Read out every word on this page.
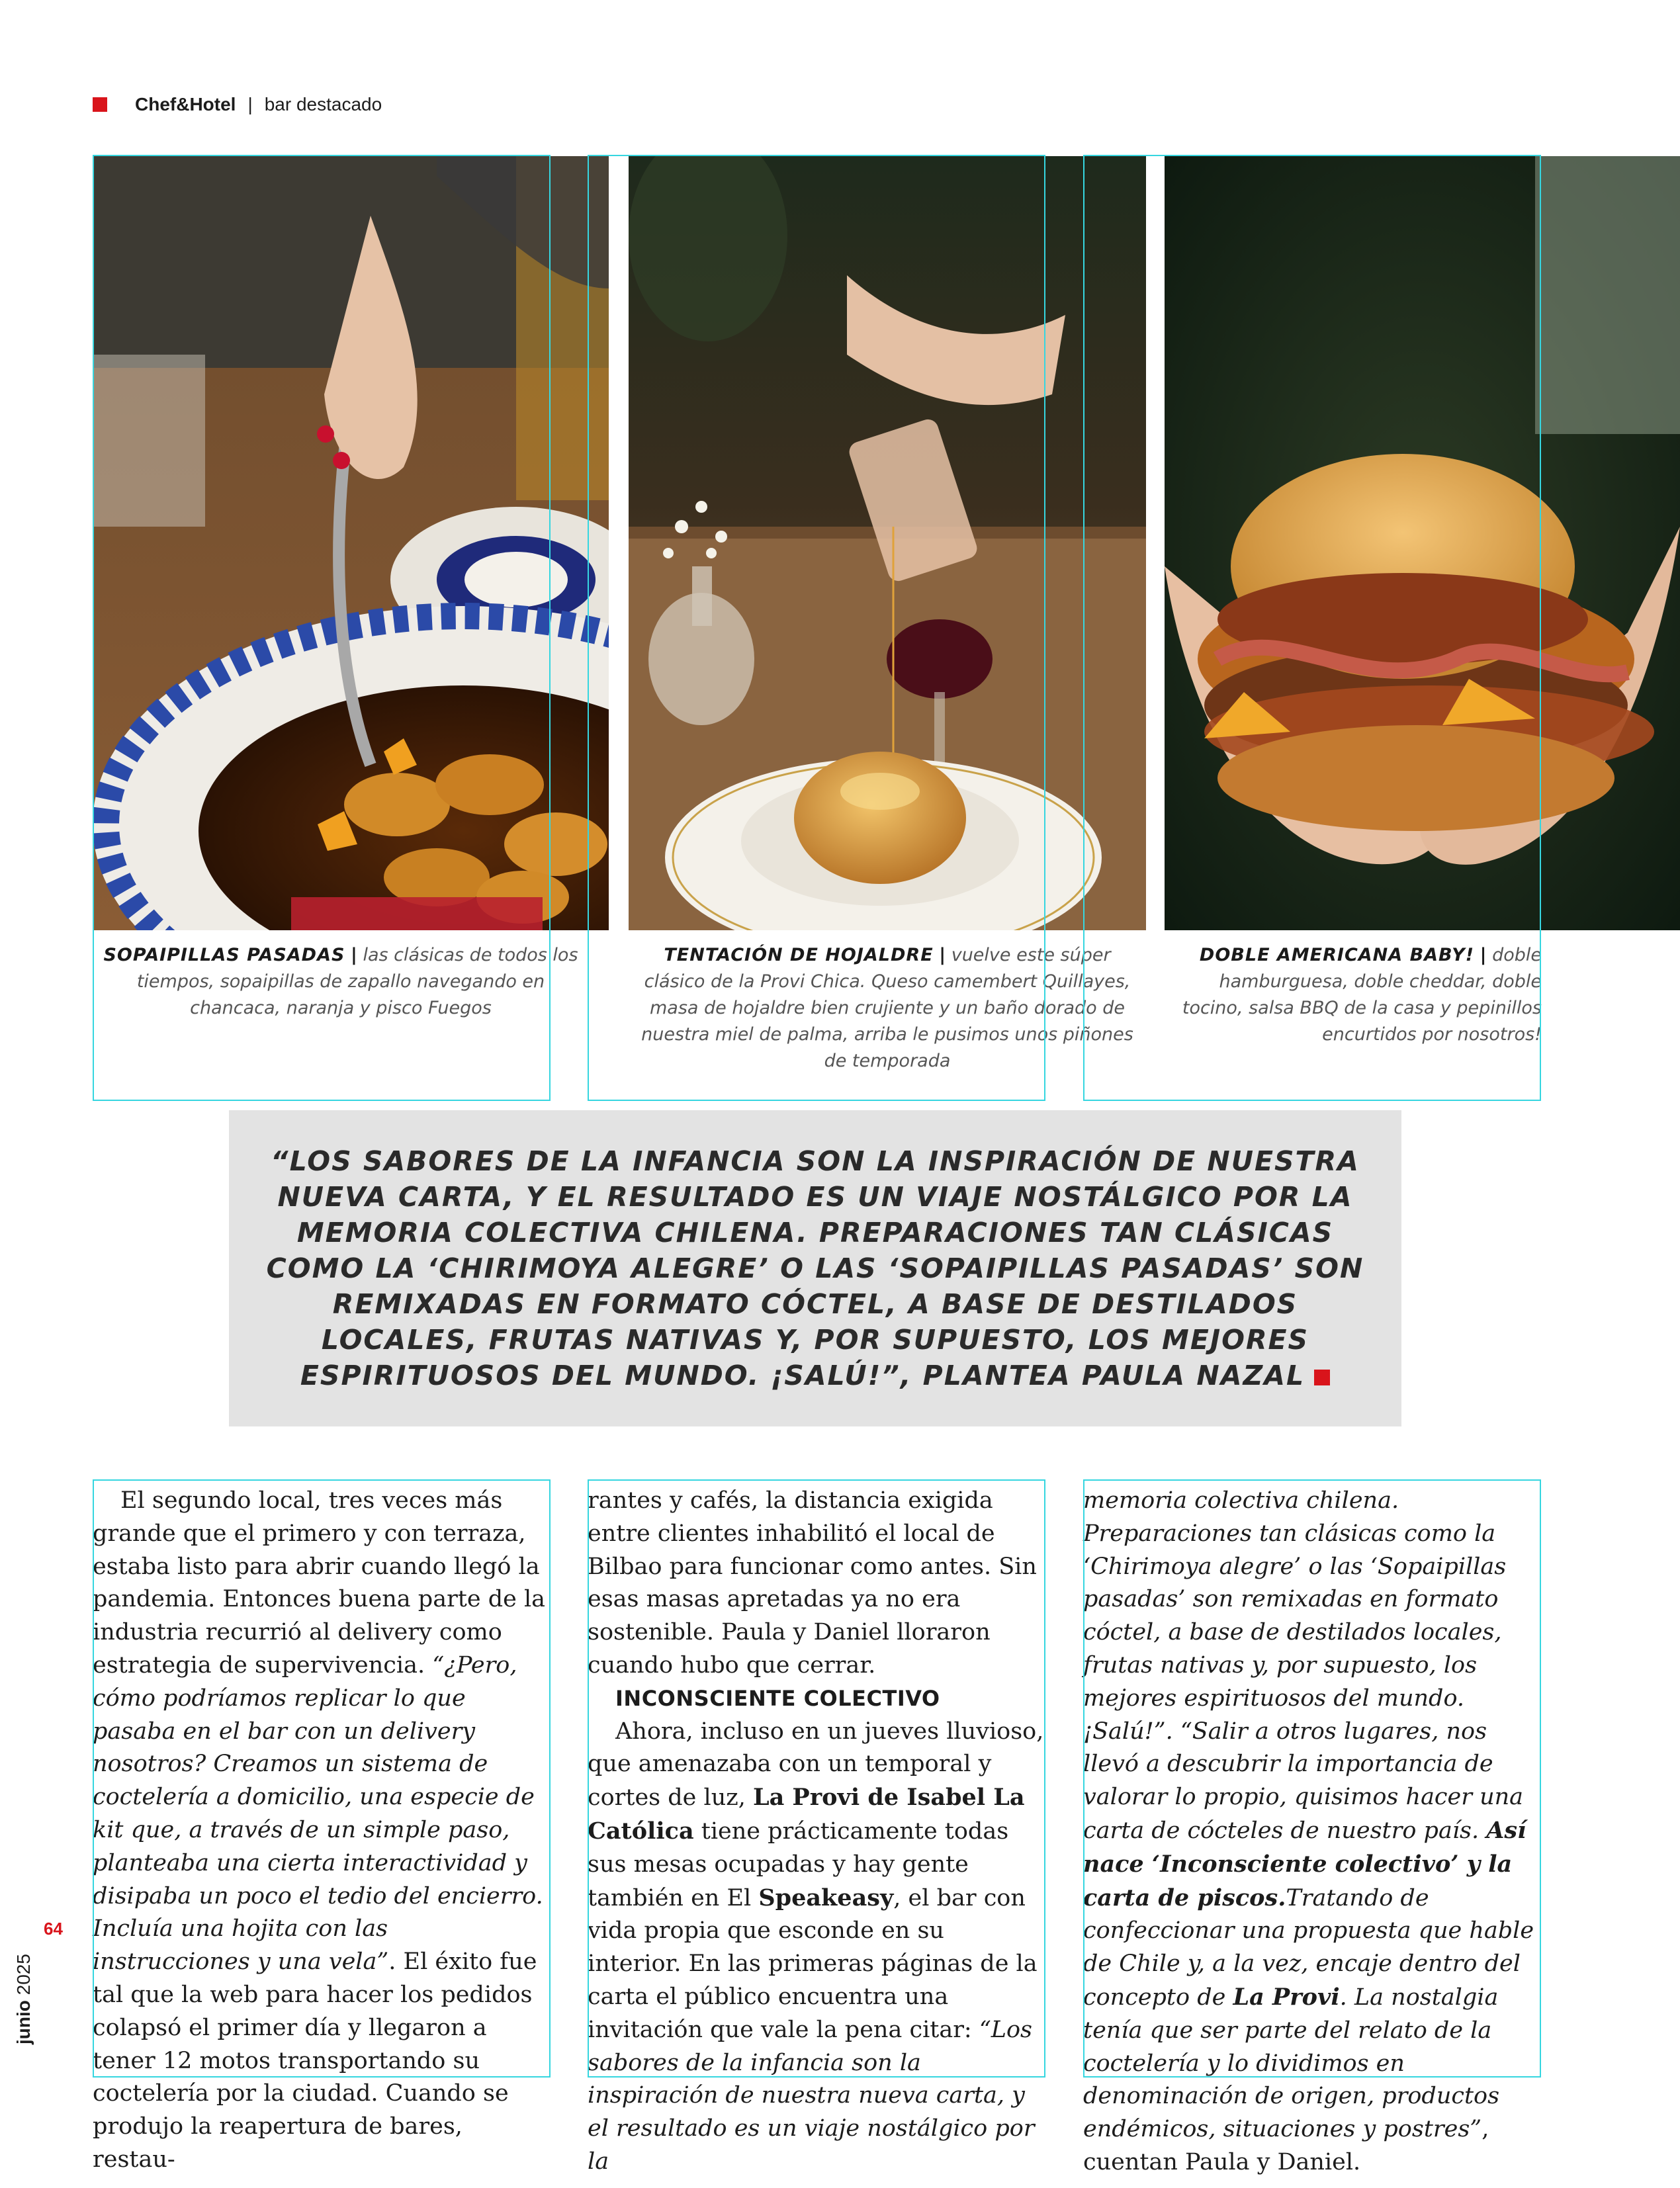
Chef&Hotel | bar destacado
SOPAIPILLAS PASADAS | las clásicas de todos los tiempos, sopaipillas de zapallo navegando en chancaca, naranja y pisco Fuegos
TENTACIÓN DE HOJALDRE | vuelve este súper clásico de la Provi Chica. Queso camembert Quillayes, masa de hojaldre bien crujiente y un baño dorado de nuestra miel de palma, arriba le pusimos unos piñones de temporada
DOBLE AMERICANA BABY! | doble hamburguesa, doble cheddar, doble tocino, salsa BBQ de la casa y pepinillos encurtidos por nosotros!

“LOS SABORES DE LA INFANCIA SON LA INSPIRACIÓN DE NUESTRA NUEVA CARTA, Y EL RESULTADO ES UN VIAJE NOSTÁLGICO POR LA MEMORIA COLECTIVA CHILENA. PREPARACIONES TAN CLÁSICAS COMO LA ‘CHIRIMOYA ALEGRE’ O LAS ‘SOPAIPILLAS PASADAS’ SON REMIXADAS EN FORMATO CÓCTEL, A BASE DE DESTILADOS LOCALES, FRUTAS NATIVAS Y, POR SUPUESTO, LOS MEJORES ESPIRITUOSOS DEL MUNDO. ¡SALÚ!”, PLANTEA PAULA NAZAL

El segundo local, tres veces más grande que el primero y con terraza, estaba listo para abrir cuando llegó la pandemia. Entonces buena parte de la industria recurrió al delivery como estrategia de supervivencia. “¿Pero, cómo podríamos replicar lo que pasaba en el bar con un delivery nosotros? Creamos un sistema de coctelería a domicilio, una especie de kit que, a través de un simple paso, planteaba una cierta interactividad y disipaba un poco el tedio del encierro. Incluía una hojita con las instrucciones y una vela”. El éxito fue tal que la web para hacer los pedidos colapsó el primer día y llegaron a tener 12 motos transportando su coctelería por la ciudad. Cuando se produjo la reapertura de bares, restau-

rantes y cafés, la distancia exigida entre clientes inhabilitó el local de Bilbao para funcionar como antes. Sin esas masas apretadas ya no era sostenible. Paula y Daniel lloraron cuando hubo que cerrar.

INCONSCIENTE COLECTIVO

Ahora, incluso en un jueves lluvioso, que amenazaba con un temporal y cortes de luz, La Provi de Isabel La Católica tiene prácticamente todas sus mesas ocupadas y hay gente también en El Speakeasy, el bar con vida propia que esconde en su interior. En las primeras páginas de la carta el público encuentra una invitación que vale la pena citar: “Los sabores de la infancia son la inspiración de nuestra nueva carta, y el resultado es un viaje nostálgico por la

memoria colectiva chilena. Preparaciones tan clásicas como la ‘Chirimoya alegre’ o las ‘Sopaipillas pasadas’ son remixadas en formato cóctel, a base de destilados locales, frutas nativas y, por supuesto, los mejores espirituosos del mundo. ¡Salú!”. “Salir a otros lugares, nos llevó a descubrir la importancia de valorar lo propio, quisimos hacer una carta de cócteles de nuestro país. Así nace ‘Inconsciente colectivo’ y la carta de piscos.Tratando de confeccionar una propuesta que hable de Chile y, a la vez, encaje dentro del concepto de La Provi. La nostalgia tenía que ser parte del relato de la coctelería y lo dividimos en denominación de origen, productos endémicos, situaciones y postres”, cuentan Paula y Daniel.

64
junio 2025
